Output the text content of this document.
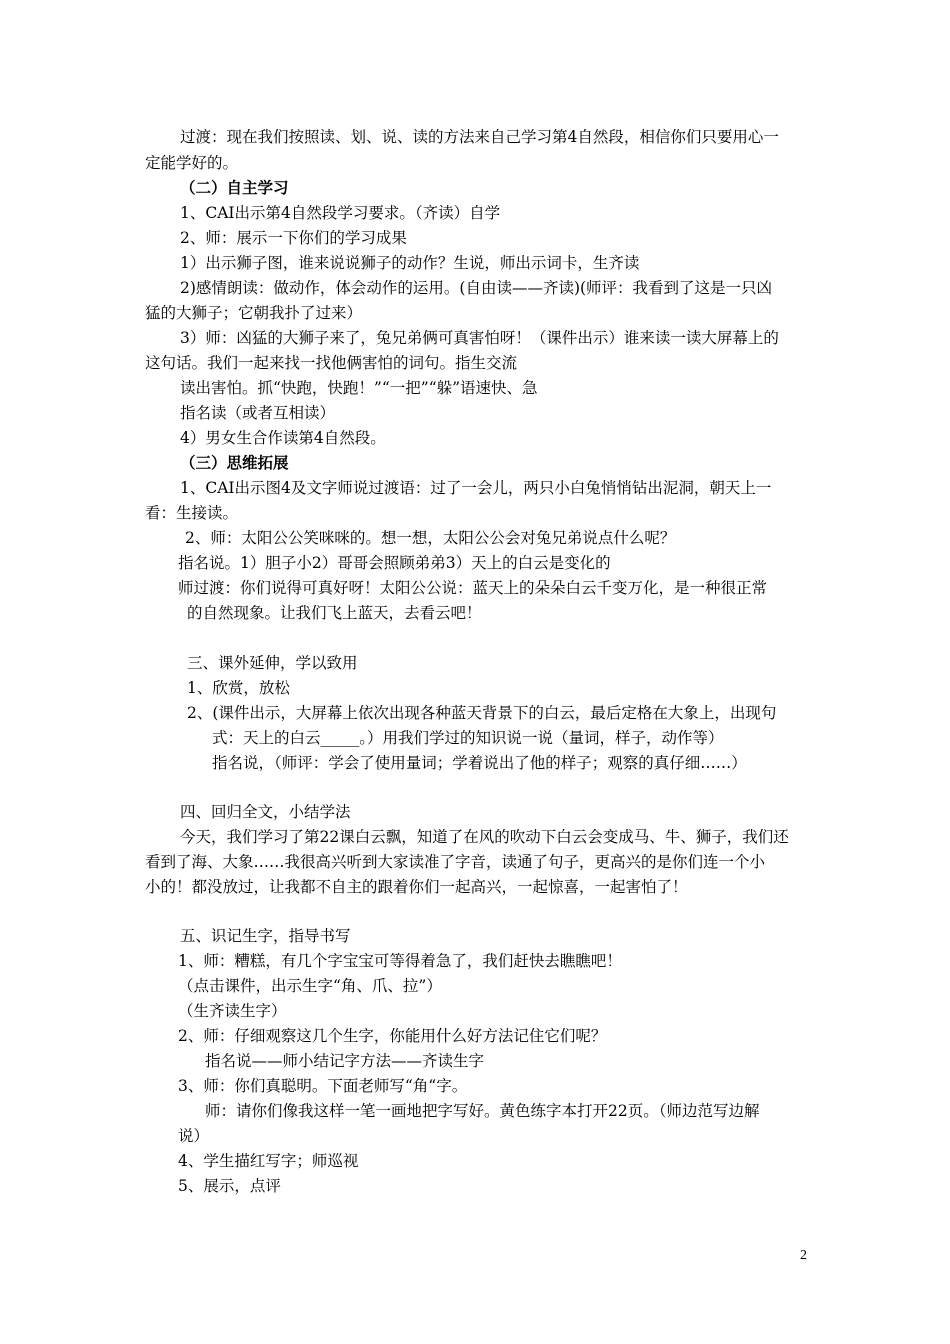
过渡：现在我们按照读、划、说、读的方法来自己学习第4自然段，相信你们只要用心一
定能学好的。
（二）自主学习
1、CAI出示第4自然段学习要求。（齐读）自学
2、师：展示一下你们的学习成果
1）出示狮子图，谁来说说狮子的动作？生说，师出示词卡，生齐读
2)感情朗读：做动作，体会动作的运用。(自由读——齐读)(师评：我看到了这是一只凶
猛的大狮子；它朝我扑了过来）
3）师：凶猛的大狮子来了，兔兄弟俩可真害怕呀！（课件出示）谁来读一读大屏幕上的
这句话。我们一起来找一找他俩害怕的词句。指生交流
读出害怕。抓“快跑，快跑！”“一把”“躲”语速快、急
指名读（或者互相读）
4）男女生合作读第4自然段。
（三）思维拓展
1、CAI出示图4及文字师说过渡语：过了一会儿，两只小白兔悄悄钻出泥洞，朝天上一
看：生接读。
2、师：太阳公公笑咪咪的。想一想，太阳公公会对兔兄弟说点什么呢？
指名说。1）胆子小2）哥哥会照顾弟弟3）天上的白云是变化的
师过渡：你们说得可真好呀！太阳公公说：蓝天上的朵朵白云千变万化，是一种很正常
的自然现象。让我们飞上蓝天，去看云吧！
三、课外延伸，学以致用
1、欣赏，放松
2、(课件出示，大屏幕上依次出现各种蓝天背景下的白云，最后定格在大象上，出现句
式：天上的白云_____。）用我们学过的知识说一说（量词，样子，动作等）
指名说，（师评：学会了使用量词；学着说出了他的样子；观察的真仔细……）
四、回归全文，小结学法
今天，我们学习了第22课白云飘，知道了在风的吹动下白云会变成马、牛、狮子，我们还
看到了海、大象……我很高兴听到大家读准了字音，读通了句子，更高兴的是你们连一个小
小的！都没放过，让我都不自主的跟着你们一起高兴，一起惊喜，一起害怕了！
五、识记生字，指导书写
1、师：糟糕，有几个字宝宝可等得着急了，我们赶快去瞧瞧吧！
（点击课件，出示生字“角、爪、拉”）
（生齐读生字）
2、师：仔细观察这几个生字，你能用什么好方法记住它们呢？
指名说——师小结记字方法——齐读生字
3、师：你们真聪明。下面老师写“角“字。
师：请你们像我这样一笔一画地把字写好。黄色练字本打开22页。（师边范写边解
说）
4、学生描红写字；师巡视
5、展示，点评
2
